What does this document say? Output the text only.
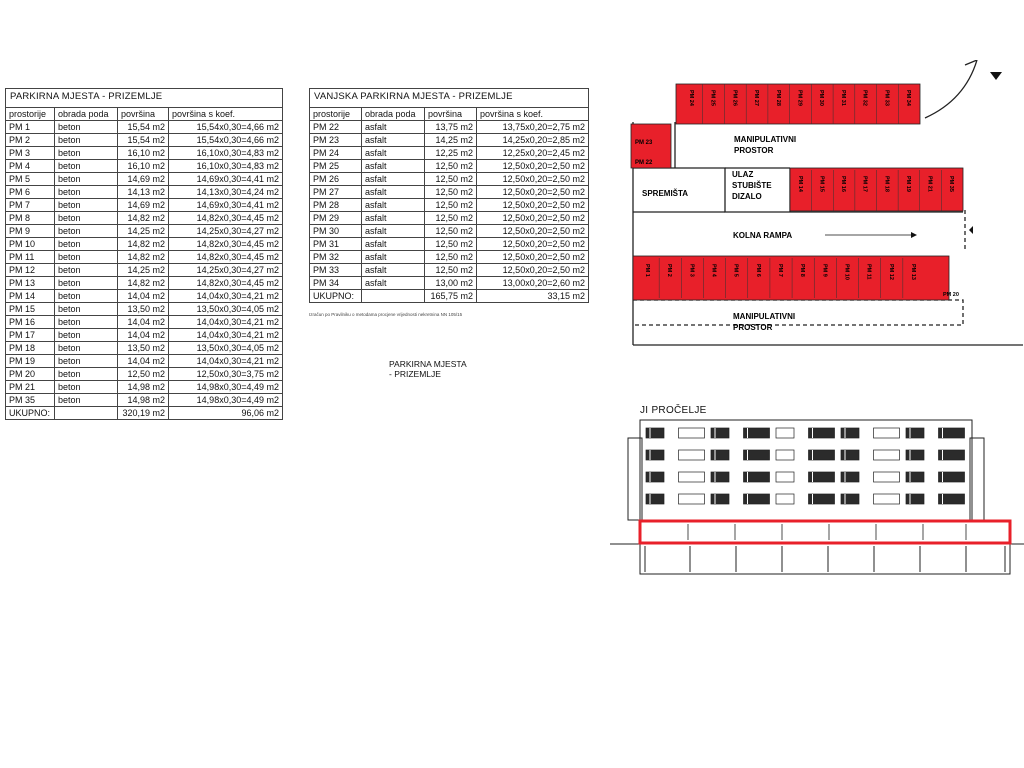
PARKIRNA MJESTA - PRIZEMLJE			
prostorije	obrada poda	površina	površina s koef.
PM 1	beton	15,54 m2	15,54x0,30=4,66 m2
PM 2	beton	15,54 m2	15,54x0,30=4,66 m2
PM 3	beton	16,10 m2	16,10x0,30=4,83 m2
PM 4	beton	16,10 m2	16,10x0,30=4,83 m2
PM 5	beton	14,69 m2	14,69x0,30=4,41 m2
PM 6	beton	14,13 m2	14,13x0,30=4,24 m2
PM 7	beton	14,69 m2	14,69x0,30=4,41 m2
PM 8	beton	14,82 m2	14,82x0,30=4,45 m2
PM 9	beton	14,25 m2	14,25x0,30=4,27 m2
PM 10	beton	14,82 m2	14,82x0,30=4,45 m2
PM 11	beton	14,82 m2	14,82x0,30=4,45 m2
PM 12	beton	14,25 m2	14,25x0,30=4,27 m2
PM 13	beton	14,82 m2	14,82x0,30=4,45 m2
PM 14	beton	14,04 m2	14,04x0,30=4,21 m2
PM 15	beton	13,50 m2	13,50x0,30=4,05 m2
PM 16	beton	14,04 m2	14,04x0,30=4,21 m2
PM 17	beton	14,04 m2	14,04x0,30=4,21 m2
PM 18	beton	13,50 m2	13,50x0,30=4,05 m2
PM 19	beton	14,04 m2	14,04x0,30=4,21 m2
PM 20	beton	12,50 m2	12,50x0,30=3,75 m2
PM 21	beton	14,98 m2	14,98x0,30=4,49 m2
PM 35	beton	14,98 m2	14,98x0,30=4,49 m2
UKUPNO:		320,19 m2	96,06 m2
VANJSKA PARKIRNA MJESTA - PRIZEMLJE			
prostorije	obrada poda	površina	površina s koef.
PM 22	asfalt	13,75 m2	13,75x0,20=2,75 m2
PM 23	asfalt	14,25 m2	14,25x0,20=2,85 m2
PM 24	asfalt	12,25 m2	12,25x0,20=2,45 m2
PM 25	asfalt	12,50 m2	12,50x0,20=2,50 m2
PM 26	asfalt	12,50 m2	12,50x0,20=2,50 m2
PM 27	asfalt	12,50 m2	12,50x0,20=2,50 m2
PM 28	asfalt	12,50 m2	12,50x0,20=2,50 m2
PM 29	asfalt	12,50 m2	12,50x0,20=2,50 m2
PM 30	asfalt	12,50 m2	12,50x0,20=2,50 m2
PM 31	asfalt	12,50 m2	12,50x0,20=2,50 m2
PM 32	asfalt	12,50 m2	12,50x0,20=2,50 m2
PM 33	asfalt	12,50 m2	12,50x0,20=2,50 m2
PM 34	asfalt	13,00 m2	13,00x0,20=2,60 m2
UKUPNO:		165,75 m2	33,15 m2
Izračun po Pravilniku o metodama procjene vrijednosti nekretnina NN 105/15
PARKIRNA MJESTA
- PRIZEMLJE
MANIPULATIVNI
PROSTOR
SPREMIŠTA
ULAZ
STUBIŠTE
DIZALO
KOLNA RAMPA
MANIPULATIVNI
PROSTOR
PM 23
PM 22
PM 20
PM 24	PM 25	PM 26	PM 27	PM 28	PM 29	PM 30	PM 31	PM 32	PM 33	PM 34
PM 14	PM 15	PM 16	PM 17	PM 18	PM 19	PM 21	PM 35
PM 1	PM 2	PM 3	PM 4	PM 5	PM 6	PM 7	PM 8	PM 9	PM 10	PM 11	PM 12	PM 13
JI PROČELJE
